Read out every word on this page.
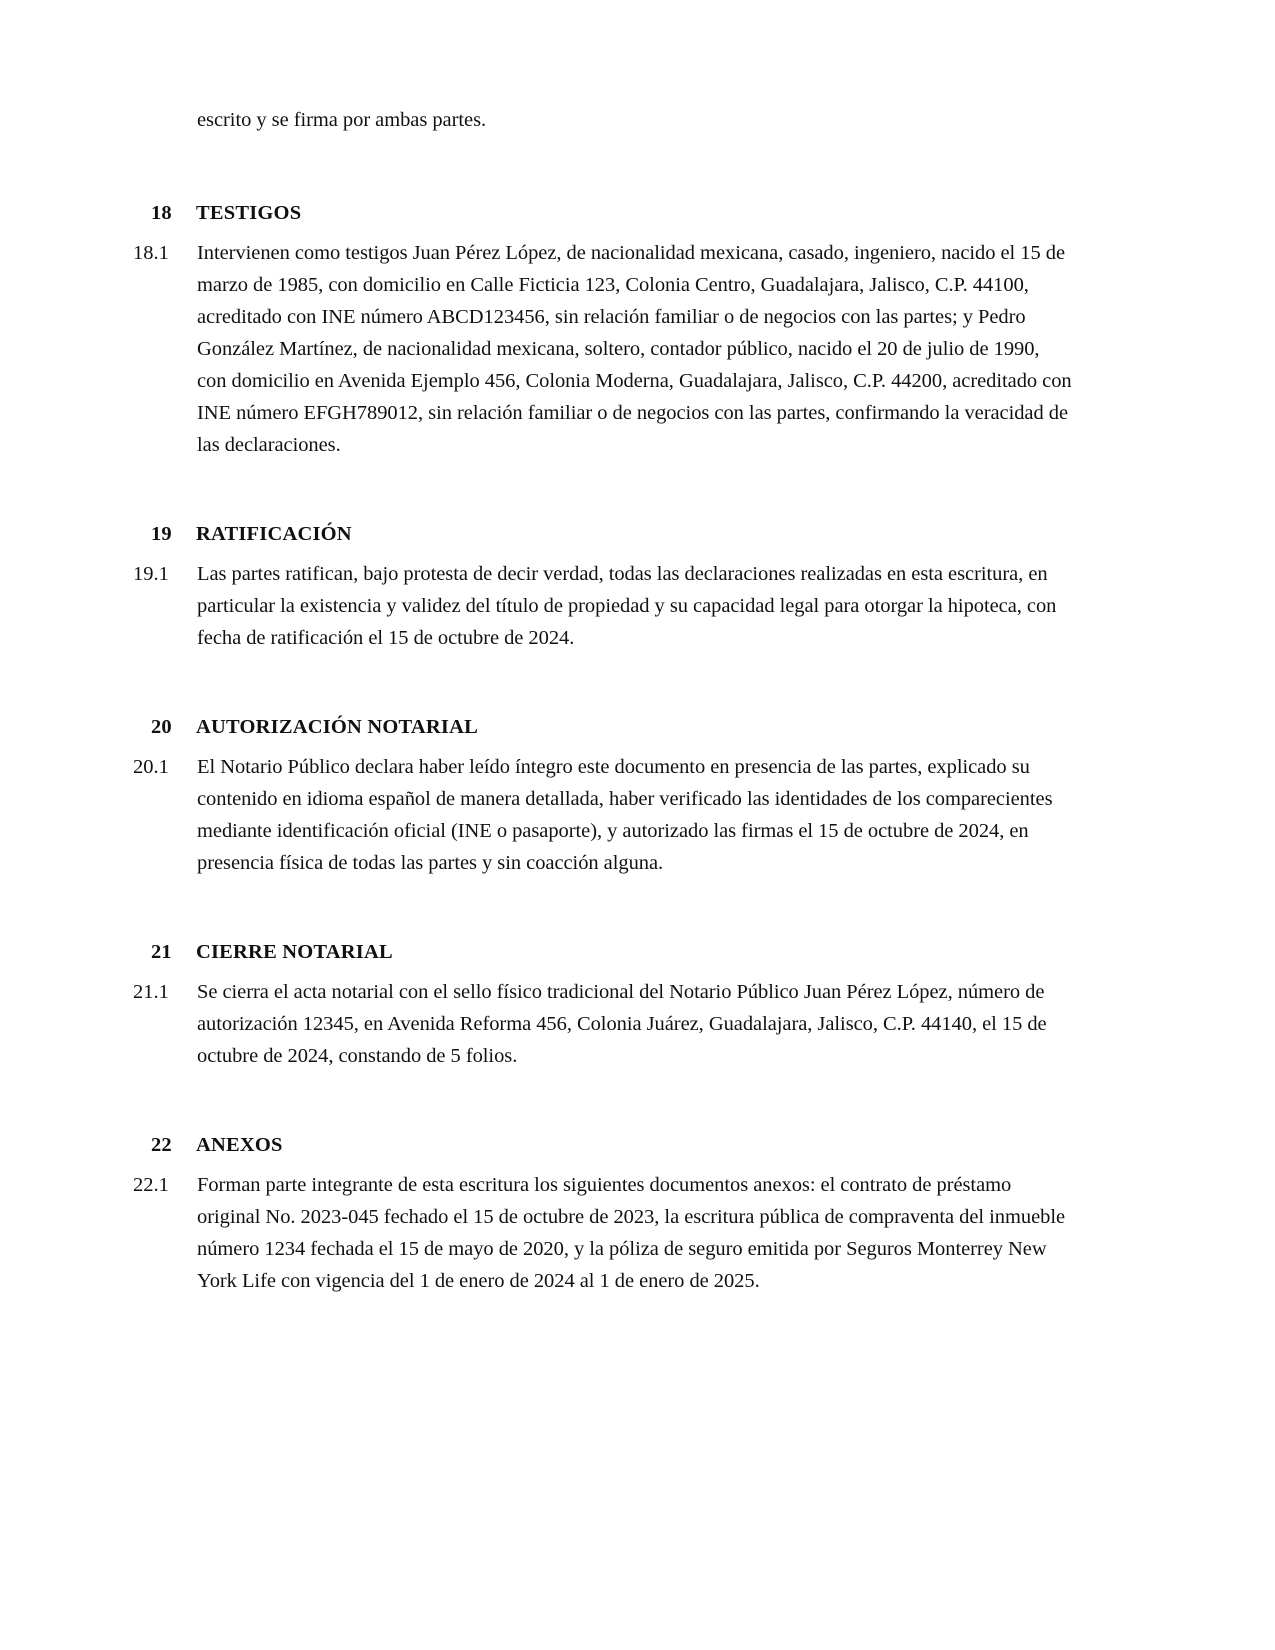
escrito y se firma por ambas partes.

18	TESTIGOS
18.1	Intervienen como testigos Juan Pérez López, de nacionalidad mexicana, casado, ingeniero, nacido el 15 de marzo de 1985, con domicilio en Calle Ficticia 123, Colonia Centro, Guadalajara, Jalisco, C.P. 44100, acreditado con INE número ABCD123456, sin relación familiar o de negocios con las partes; y Pedro González Martínez, de nacionalidad mexicana, soltero, contador público, nacido el 20 de julio de 1990, con domicilio en Avenida Ejemplo 456, Colonia Moderna, Guadalajara, Jalisco, C.P. 44200, acreditado con INE número EFGH789012, sin relación familiar o de negocios con las partes, confirmando la veracidad de las declaraciones.
19	RATIFICACIÓN
19.1	Las partes ratifican, bajo protesta de decir verdad, todas las declaraciones realizadas en esta escritura, en particular la existencia y validez del título de propiedad y su capacidad legal para otorgar la hipoteca, con fecha de ratificación el 15 de octubre de 2024.
20	AUTORIZACIÓN NOTARIAL
20.1	El Notario Público declara haber leído íntegro este documento en presencia de las partes, explicado su contenido en idioma español de manera detallada, haber verificado las identidades de los comparecientes mediante identificación oficial (INE o pasaporte), y autorizado las firmas el 15 de octubre de 2024, en presencia física de todas las partes y sin coacción alguna.
21	CIERRE NOTARIAL
21.1	Se cierra el acta notarial con el sello físico tradicional del Notario Público Juan Pérez López, número de autorización 12345, en Avenida Reforma 456, Colonia Juárez, Guadalajara, Jalisco, C.P. 44140, el 15 de octubre de 2024, constando de 5 folios.
22	ANEXOS
22.1	Forman parte integrante de esta escritura los siguientes documentos anexos: el contrato de préstamo original No. 2023-045 fechado el 15 de octubre de 2023, la escritura pública de compraventa del inmueble número 1234 fechada el 15 de mayo de 2020, y la póliza de seguro emitida por Seguros Monterrey New York Life con vigencia del 1 de enero de 2024 al 1 de enero de 2025.
